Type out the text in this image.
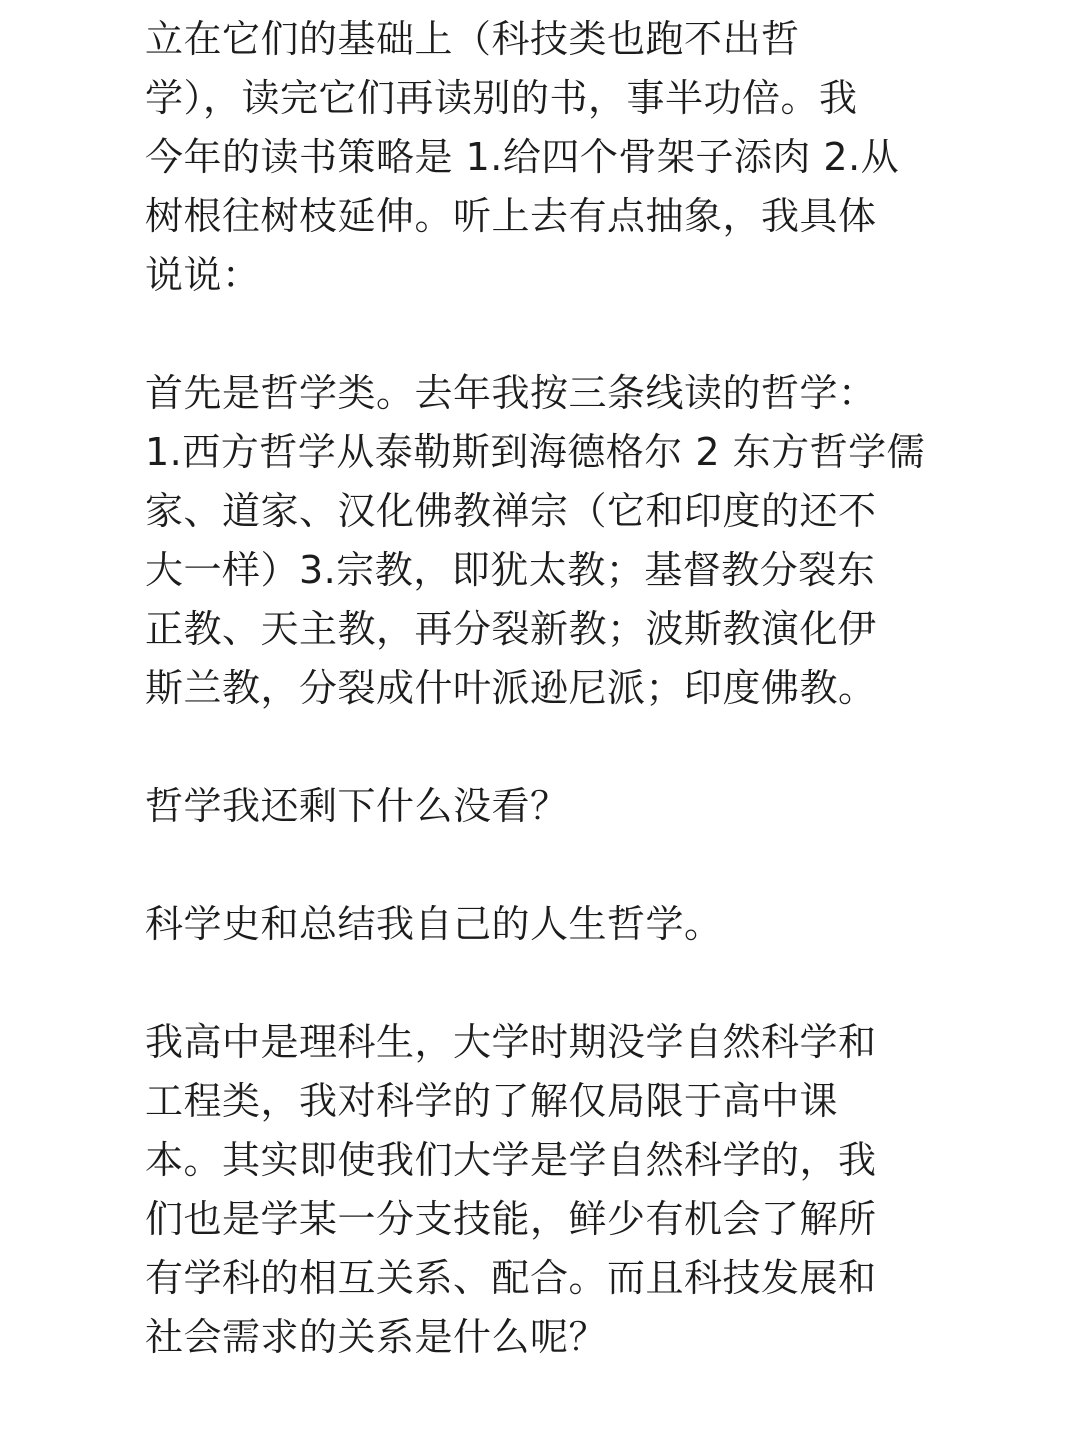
立在它们的基础上（科技类也跑不出哲
学），读完它们再读别的书，事半功倍。我
今年的读书策略是 1.给四个骨架子添肉 2.从
树根往树枝延伸。听上去有点抽象，我具体
说说：
首先是哲学类。去年我按三条线读的哲学：
1.西方哲学从泰勒斯到海德格尔 2 东方哲学儒
家、道家、汉化佛教禅宗（它和印度的还不
大一样）3.宗教，即犹太教；基督教分裂东
正教、天主教，再分裂新教；波斯教演化伊
斯兰教，分裂成什叶派逊尼派；印度佛教。
哲学我还剩下什么没看？
科学史和总结我自己的人生哲学。
我高中是理科生，大学时期没学自然科学和
工程类，我对科学的了解仅局限于高中课
本。其实即使我们大学是学自然科学的，我
们也是学某一分支技能，鲜少有机会了解所
有学科的相互关系、配合。而且科技发展和
社会需求的关系是什么呢？
